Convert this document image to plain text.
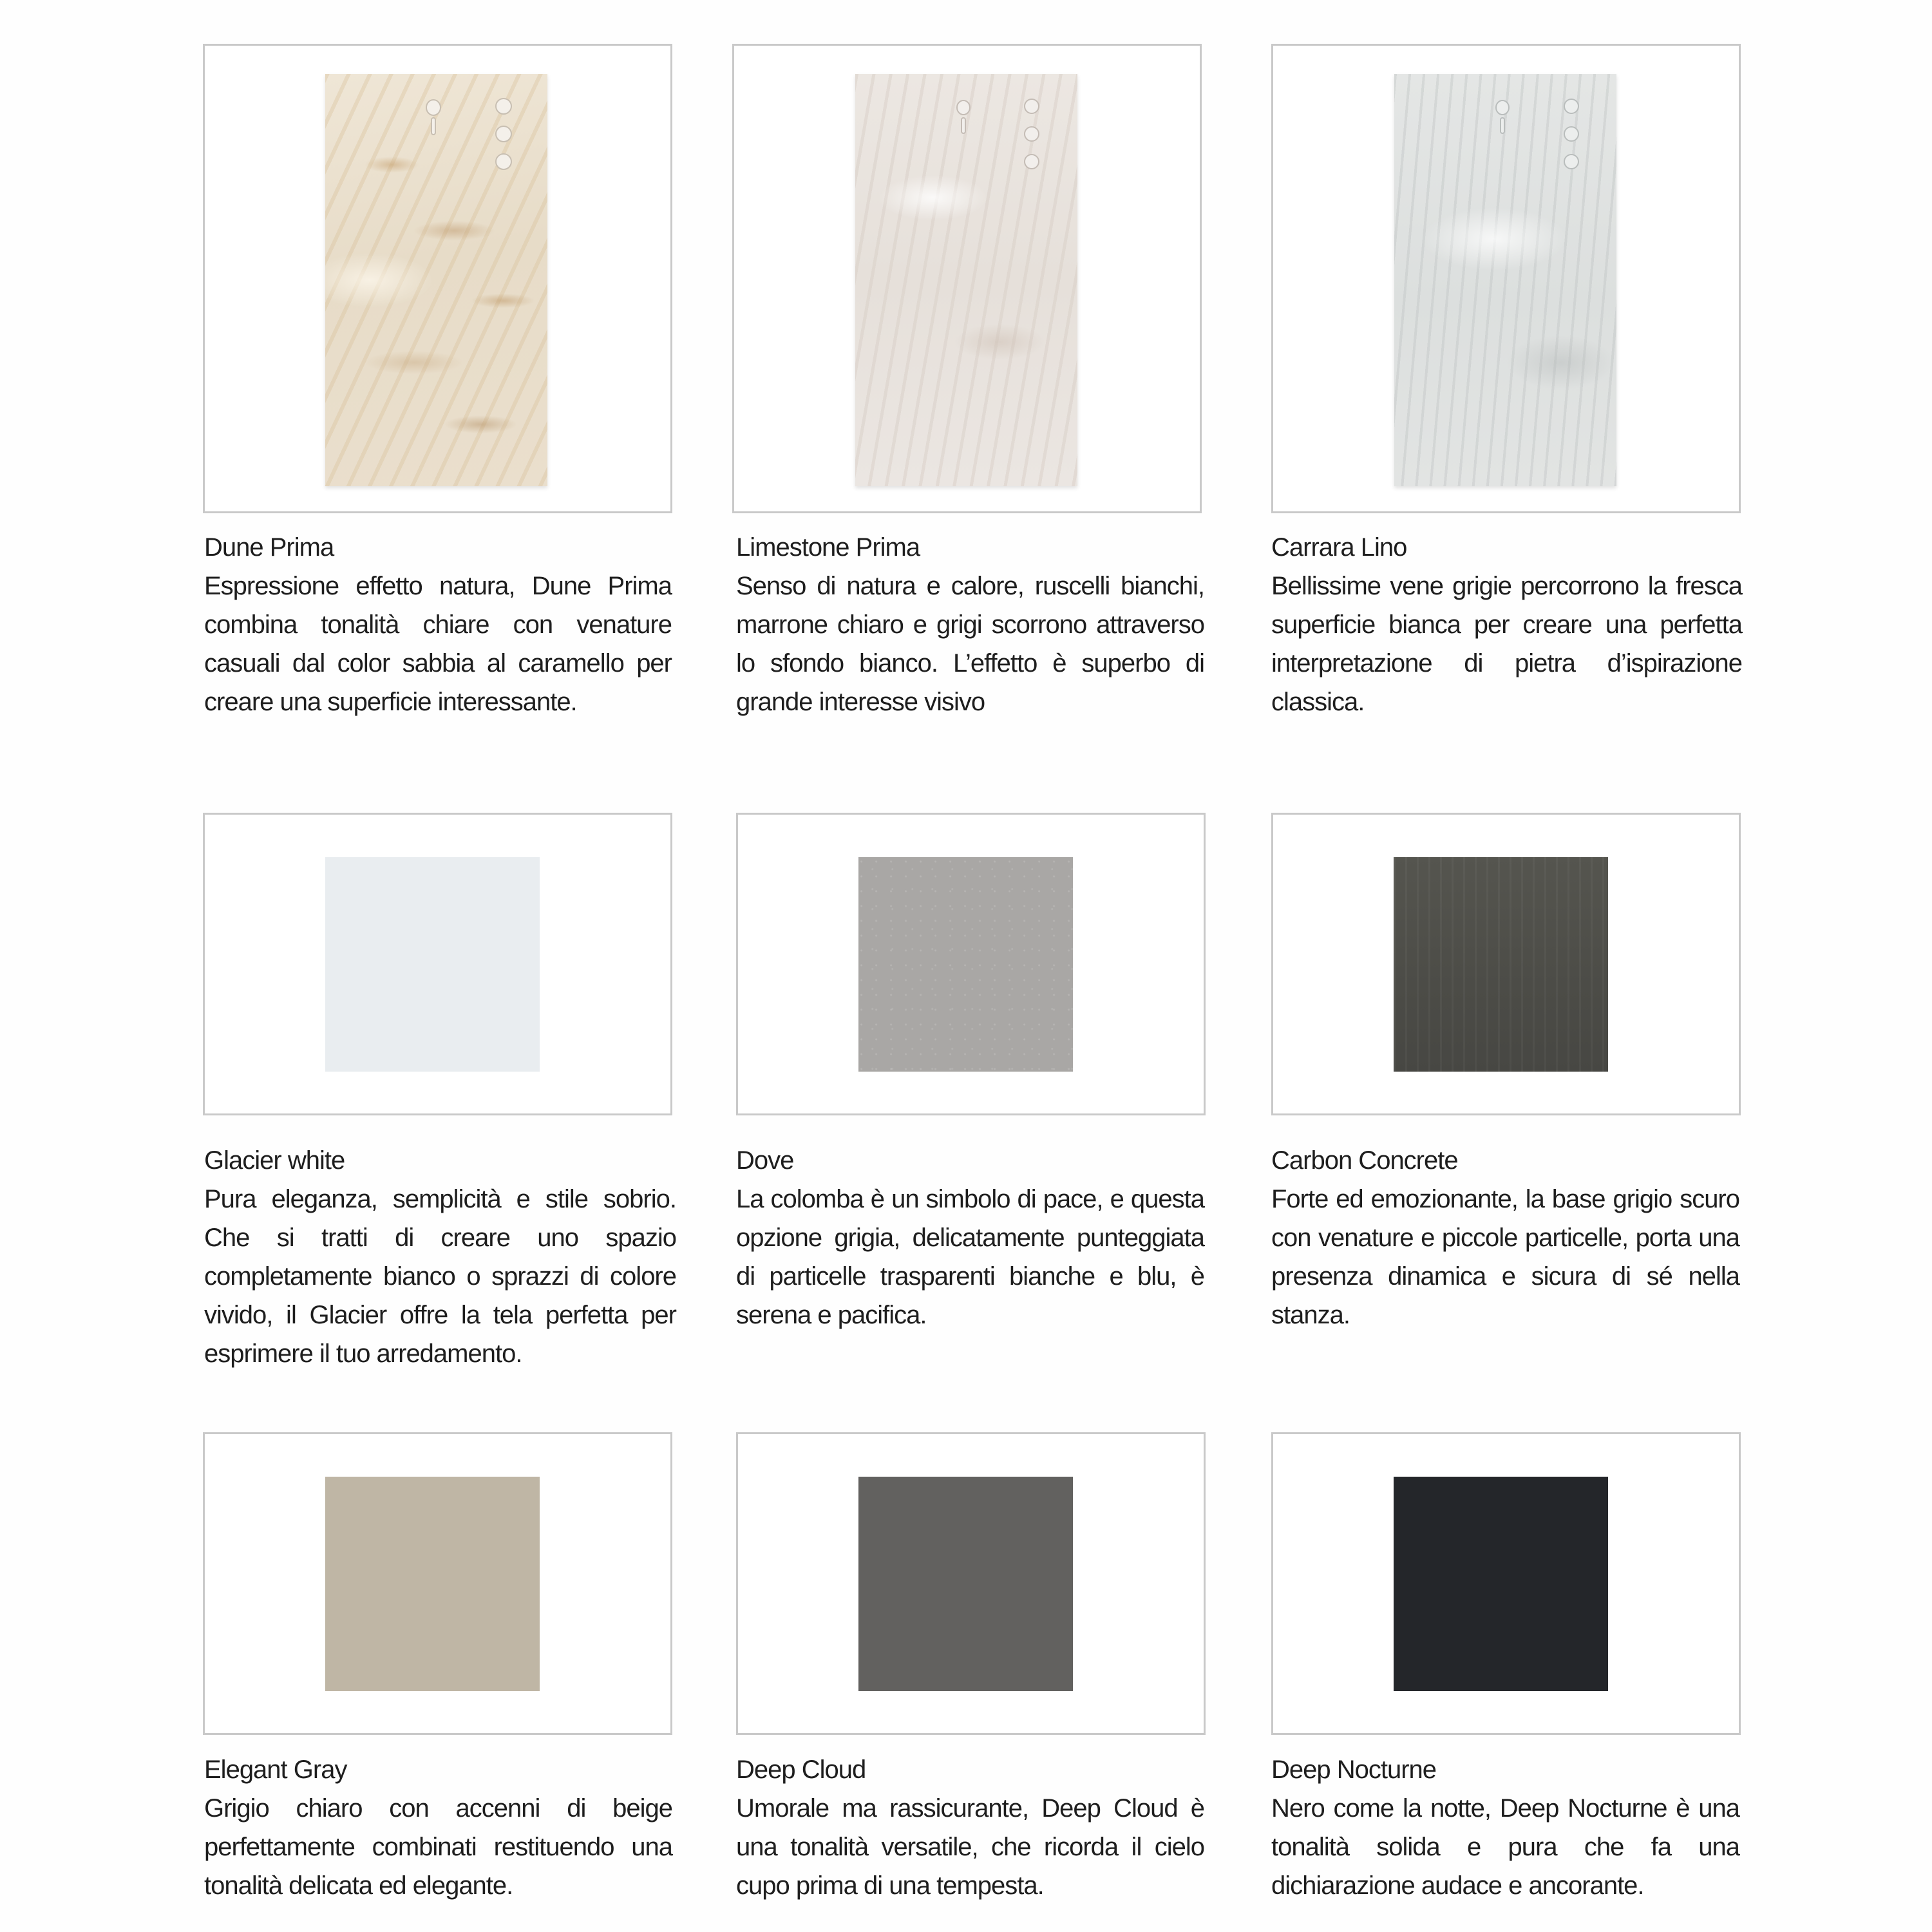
Dune Prima

Espressione effetto natura, Dune Prima combina tonalità chiare con venature casuali dal color sabbia al caramello per creare una superficie interessante.

Limestone Prima

Senso di natura e calore, ruscelli bianchi, marrone chiaro e grigi scorrono attraverso lo sfondo bianco. L’effetto è superbo di grande interesse visivo

Carrara Lino

Bellissime vene grigie percorrono la fresca superficie bianca per creare una perfetta interpretazione di pietra d’ispirazione classica.

Glacier white

Pura eleganza, semplicità e stile sobrio. Che si tratti di creare uno spazio completamente bianco o sprazzi di colore vivido, il Glacier offre la tela perfetta per esprimere il tuo arredamento.

Dove

La colomba è un simbolo di pace, e questa opzione grigia, delicatamente punteggiata di particelle trasparenti bianche e blu, è serena e pacifica.

Carbon Concrete

Forte ed emozionante, la base grigio scuro con venature e piccole particelle, porta una presenza dinamica e sicura di sé nella stanza.

Elegant Gray

Grigio chiaro con accenni di beige perfettamente combinati restituendo una tonalità delicata ed elegante.

Deep Cloud

Umorale ma rassicurante, Deep Cloud è una tonalità versatile, che ricorda il cielo cupo prima di una tempesta.

Deep Nocturne

Nero come la notte, Deep Nocturne è una tonalità solida e pura che fa una dichiarazione audace e ancorante.
